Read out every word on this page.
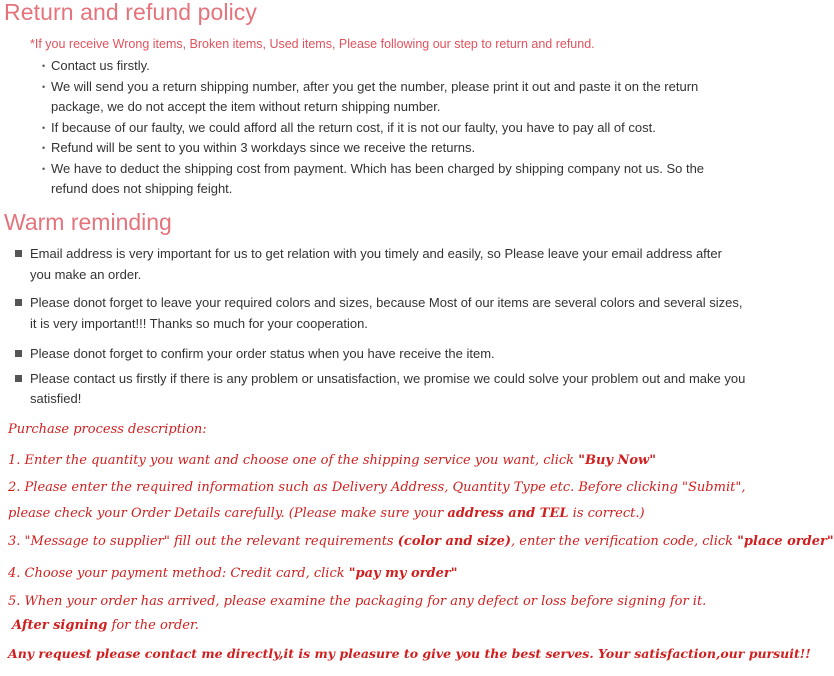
Return and refund policy
*If you receive Wrong items, Broken items, Used items, Please following our step to return and refund.
• Contact us firstly.
• We will send you a return shipping number, after you get the number, please print it out and paste it on the return package, we do not accept the item without return shipping number.
• If because of our faulty, we could afford all the return cost, if it is not our faulty, you have to pay all of cost.
• Refund will be sent to you within 3 workdays since we receive the returns.
• We have to deduct the shipping cost from payment. Which has been charged by shipping company not us. So the refund does not shipping feight.
Warm reminding
Email address is very important for us to get relation with you timely and easily, so Please leave your email address after you make an order.
Please donot forget to leave your required colors and sizes, because Most of our items are several colors and several sizes, it is very important!!! Thanks so much for your cooperation.
Please donot forget to confirm your order status when you have receive the item.
Please contact us firstly if there is any problem or unsatisfaction, we promise we could solve your problem out and make you satisfied!
Purchase process description:
1. Enter the quantity you want and choose one of the shipping service you want, click "Buy Now"
2. Please enter the required information such as Delivery Address, Quantity Type etc. Before clicking "Submit",
please check your Order Details carefully. (Please make sure your address and TEL is correct.)
3. "Message to supplier" fill out the relevant requirements (color and size), enter the verification code, click "place order"
4. Choose your payment method: Credit card, click "pay my order"
5. When your order has arrived, please examine the packaging for any defect or loss before signing for it.
After signing for the order.
Any request please contact me directly,it is my pleasure to give you the best serves. Your satisfaction,our pursuit!!
